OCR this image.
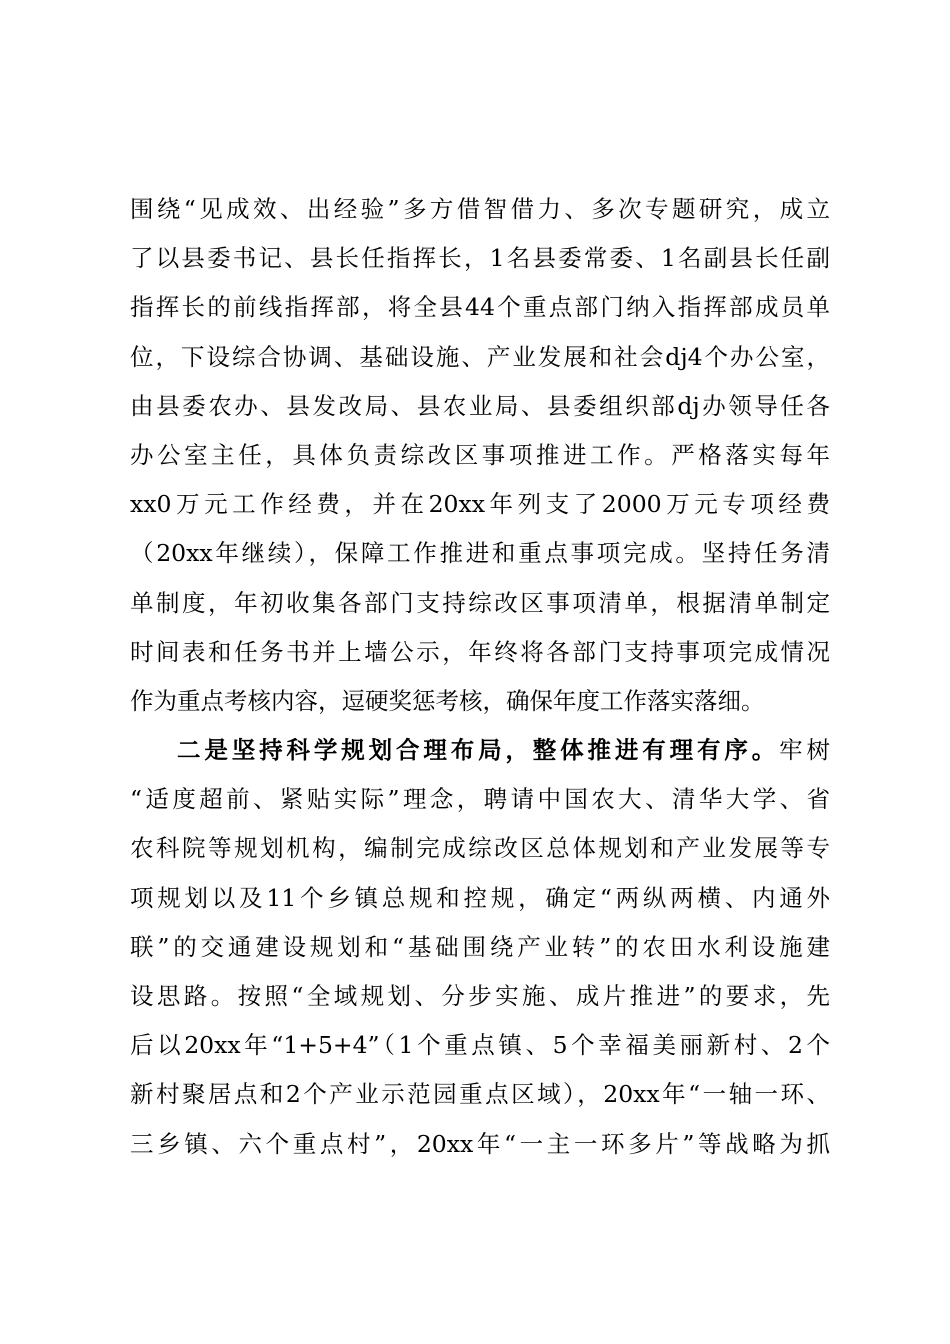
围绕“见成效、出经验”多方借智借力、多次专题研究，成立
了以县委书记、县长任指挥长，1名县委常委、1名副县长任副
指挥长的前线指挥部，将全县44个重点部门纳入指挥部成员单
位，下设综合协调、基础设施、产业发展和社会dj4个办公室，
由县委农办、县发改局、县农业局、县委组织部dj办领导任各
办公室主任，具体负责综改区事项推进工作。严格落实每年
xx0万元工作经费，并在20xx年列支了2000万元专项经费
（20xx年继续），保障工作推进和重点事项完成。坚持任务清
单制度，年初收集各部门支持综改区事项清单，根据清单制定
时间表和任务书并上墙公示，年终将各部门支持事项完成情况
作为重点考核内容，逗硬奖惩考核，确保年度工作落实落细。
二是坚持科学规划合理布局，整体推进有理有序。牢树
“适度超前、紧贴实际”理念，聘请中国农大、清华大学、省
农科院等规划机构，编制完成综改区总体规划和产业发展等专
项规划以及11个乡镇总规和控规，确定“两纵两横、内通外
联”的交通建设规划和“基础围绕产业转”的农田水利设施建
设思路。按照“全域规划、分步实施、成片推进”的要求，先
后以20xx年“1+5+4”（1个重点镇、5个幸福美丽新村、2个
新村聚居点和2个产业示范园重点区域），20xx年“一轴一环、
三乡镇、六个重点村”，20xx年“一主一环多片”等战略为抓
